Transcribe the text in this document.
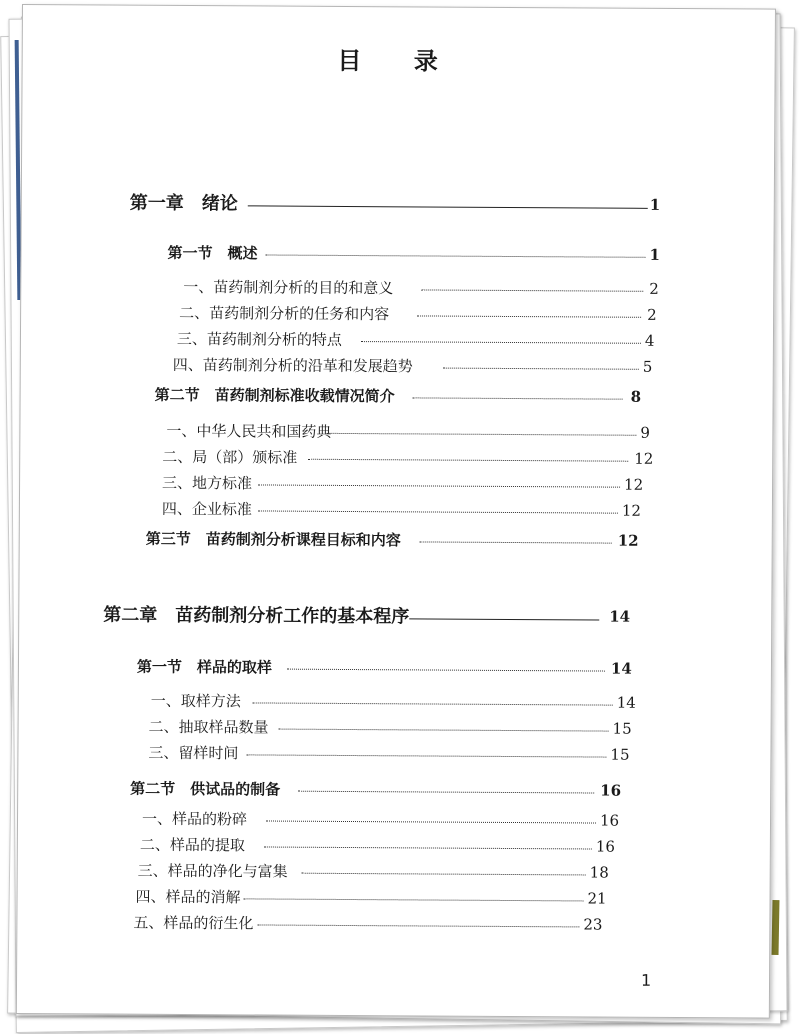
目 录
第一章　绪论	1
第一节　概述	1
一、苗药制剂分析的目的和意义	2
二、苗药制剂分析的任务和内容	2
三、苗药制剂分析的特点	4
四、苗药制剂分析的沿革和发展趋势	5
第二节　苗药制剂标准收载情况简介	8
一、中华人民共和国药典	9
二、局（部）颁标准	12
三、地方标准	12
四、企业标准	12
第三节　苗药制剂分析课程目标和内容	12
第二章　苗药制剂分析工作的基本程序	14
第一节　样品的取样	14
一、取样方法	14
二、抽取样品数量	15
三、留样时间	15
第二节　供试品的制备	16
一、样品的粉碎	16
二、样品的提取	16
三、样品的净化与富集	18
四、样品的消解	21
五、样品的衍生化	23
1
